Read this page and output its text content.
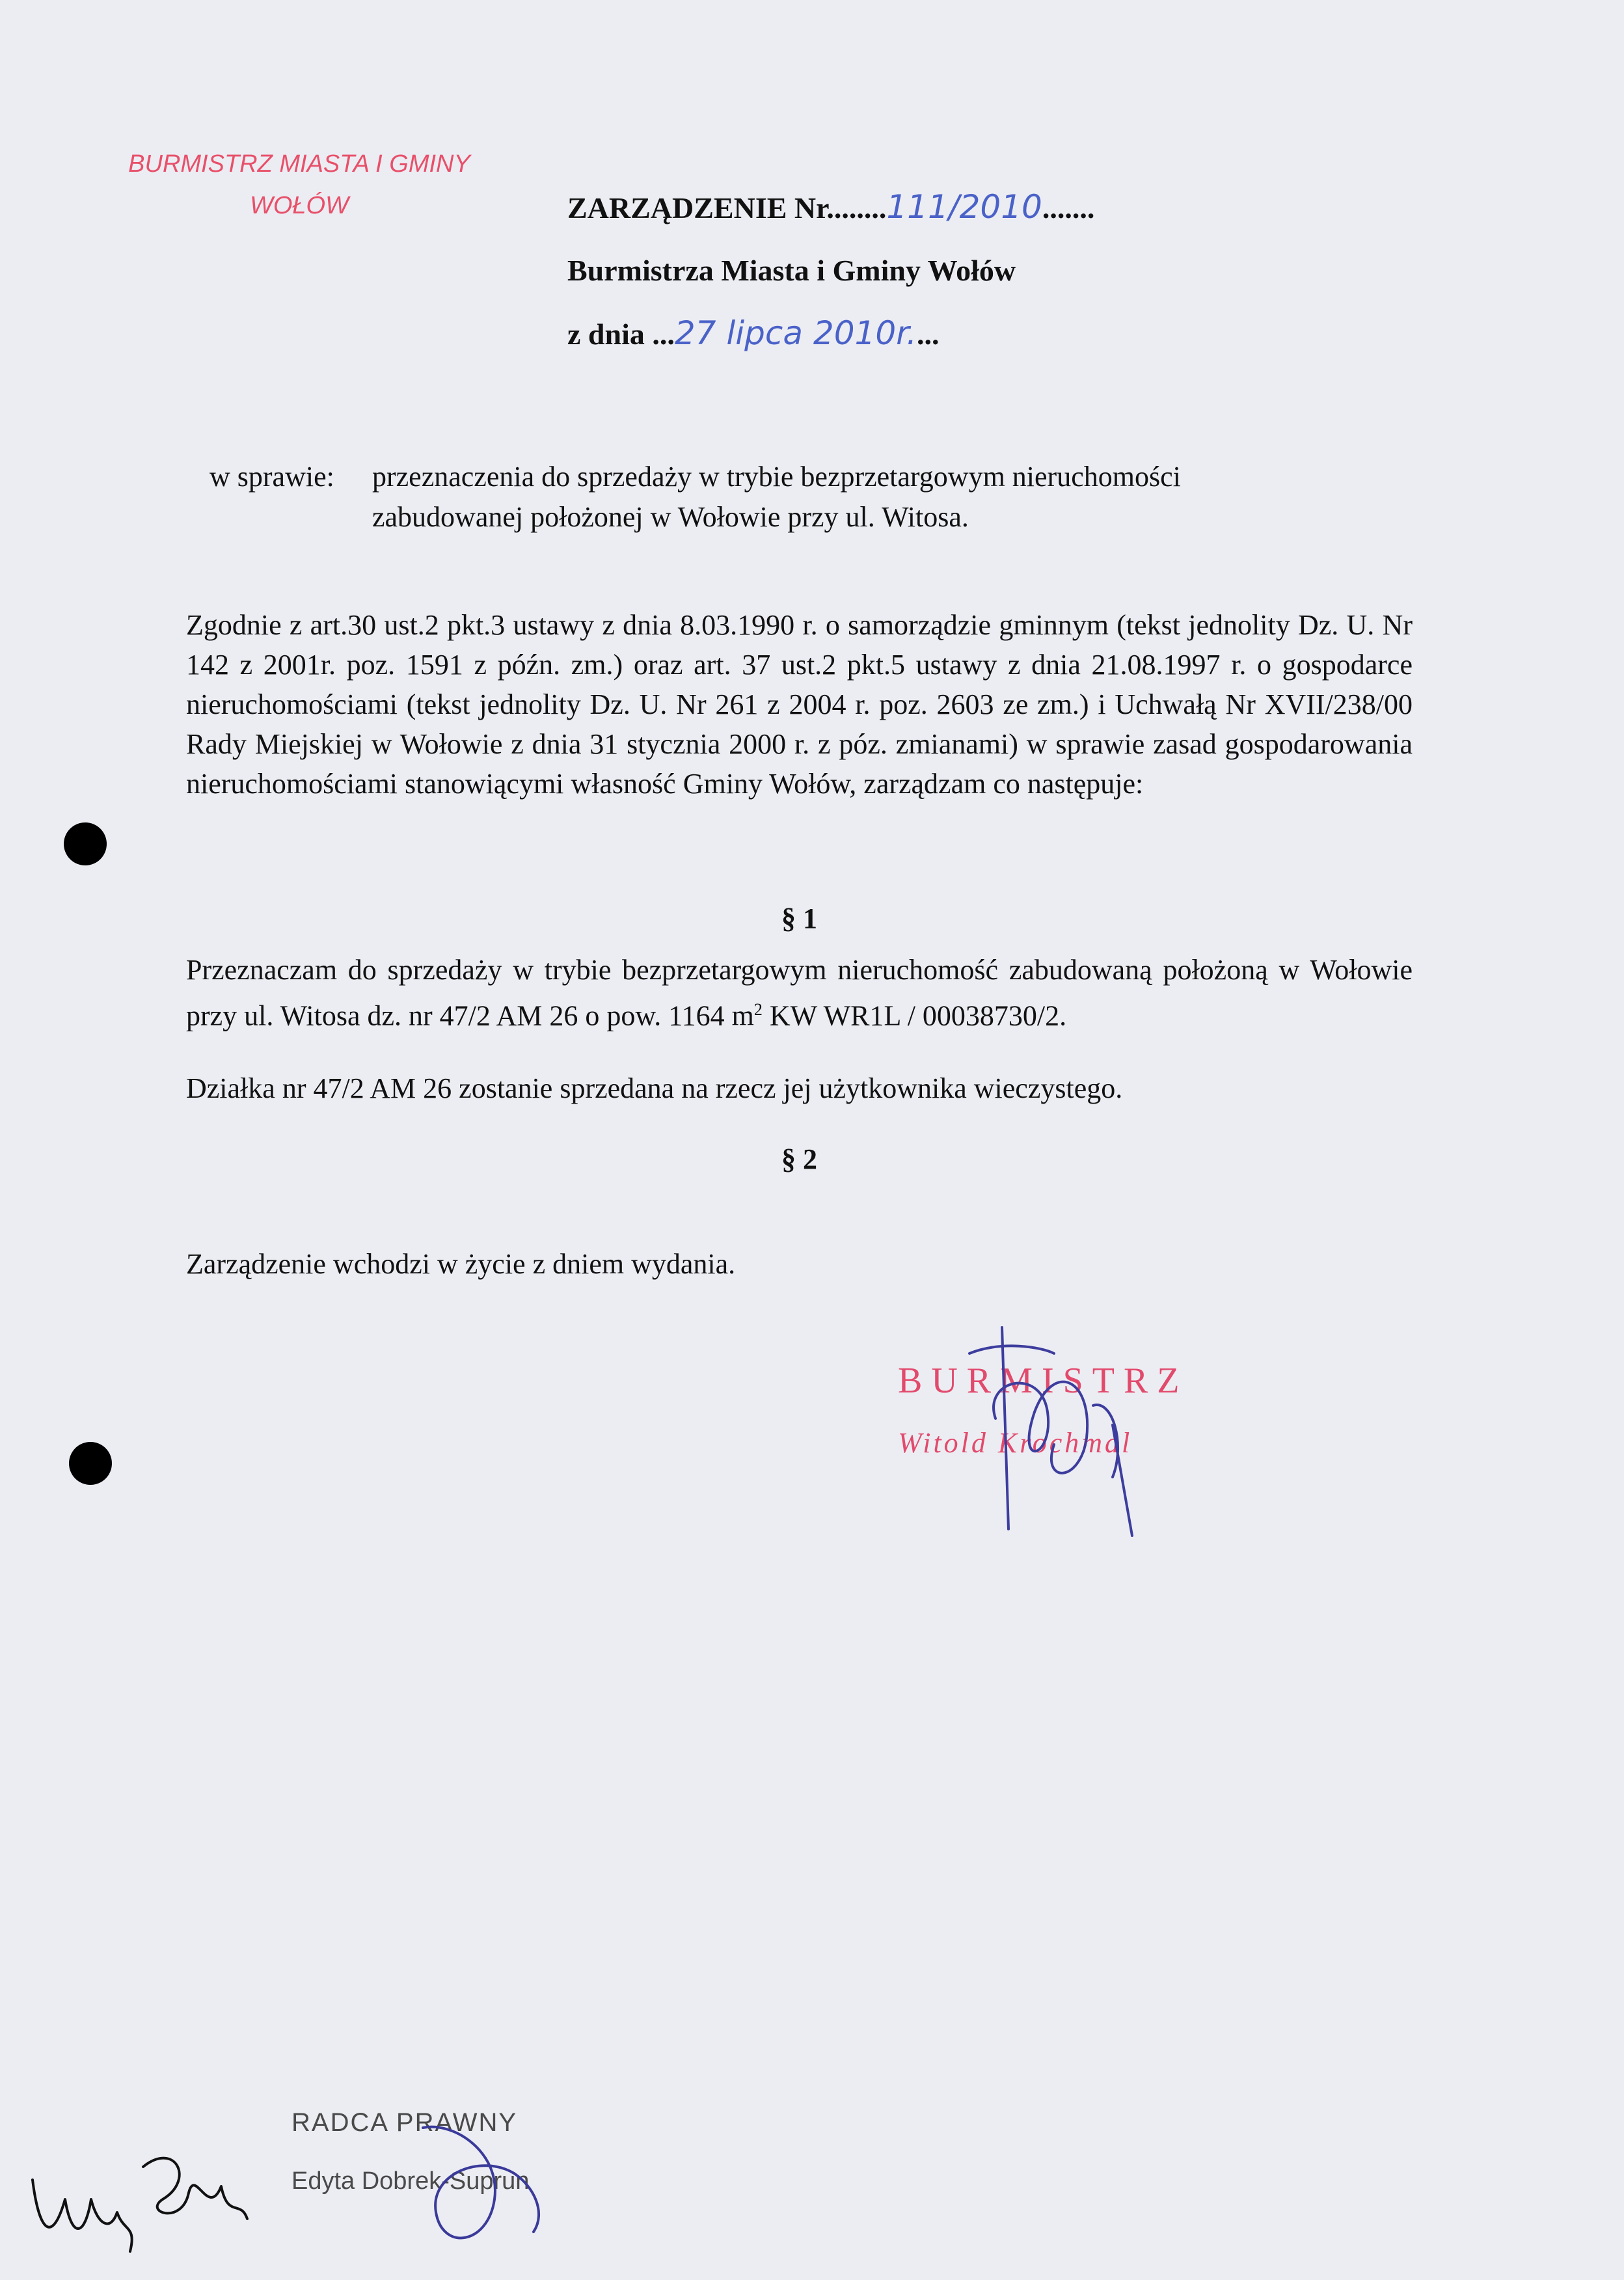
BURMISTRZ MIASTA I GMINY
WOŁÓW	ZARZĄDZENIE Nr........111/2010.......
Burmistrza Miasta i Gminy Wołów
z dnia ...27 lipca 2010r....
w sprawie: przeznaczenia do sprzedaży w trybie bezprzetargowym nieruchomości
zabudowanej położonej w Wołowie przy ul. Witosa.
Zgodnie z art.30 ust.2 pkt.3 ustawy z dnia 8.03.1990 r. o samorządzie gminnym (tekst jednolity Dz. U. Nr 142 z 2001r. poz. 1591 z późn. zm.) oraz art. 37 ust.2 pkt.5 ustawy z dnia 21.08.1997 r. o gospodarce nieruchomościami (tekst jednolity Dz. U. Nr 261 z 2004 r. poz. 2603 ze zm.) i Uchwałą Nr XVII/238/00 Rady Miejskiej w Wołowie z dnia 31 stycznia 2000 r. z póz. zmianami) w sprawie zasad gospodarowania nieruchomościami stanowiącymi własność Gminy Wołów, zarządzam co następuje:
§ 1
Przeznaczam do sprzedaży w trybie bezprzetargowym nieruchomość zabudowaną położoną w Wołowie przy ul. Witosa dz. nr 47/2 AM 26 o pow. 1164 $m^2$ KW WR1L / 00038730/2.
Działka nr 47/2 AM 26 zostanie sprzedana na rzecz jej użytkownika wieczystego.
§ 2
Zarządzenie wchodzi w życie z dniem wydania.
BURMISTRZ
Witold Krochmal
RADCA PRAWNY
Edyta Dobrek-Suprun
